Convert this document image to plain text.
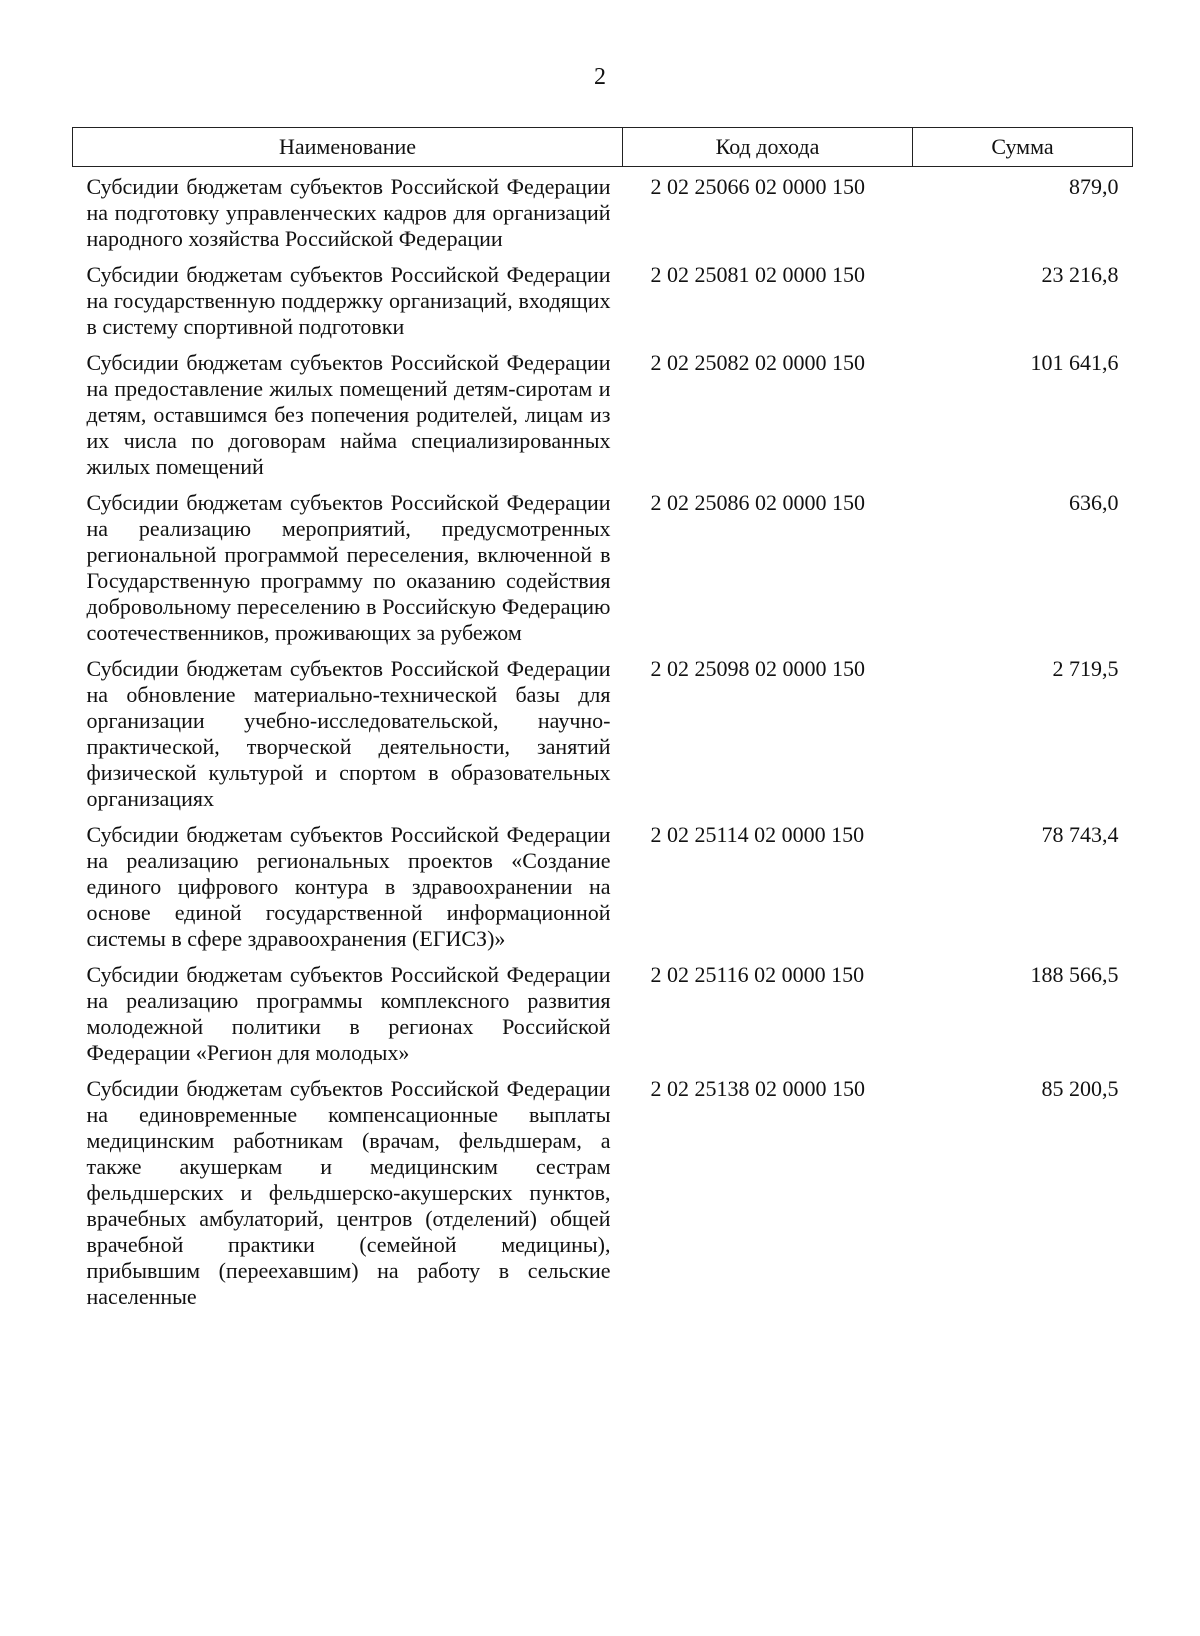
2
Наименование	Код дохода	Сумма
Субсидии бюджетам субъектов Российской Федерации на подготовку управленческих кадров для организаций народного хозяйства Российской Федерации	2 02 25066 02 0000 150	879,0
Субсидии бюджетам субъектов Российской Федерации на государственную поддержку организаций, входящих в систему спортивной подготовки	2 02 25081 02 0000 150	23 216,8
Субсидии бюджетам субъектов Российской Федерации на предоставление жилых помещений детям-сиротам и детям, оставшимся без попечения родителей, лицам из их числа по договорам найма специализированных жилых помещений	2 02 25082 02 0000 150	101 641,6
Субсидии бюджетам субъектов Российской Федерации на реализацию мероприятий, предусмотренных региональной программой переселения, включенной в Государственную программу по оказанию содействия добровольному переселению в Российскую Федерацию соотечественников, проживающих за рубежом	2 02 25086 02 0000 150	636,0
Субсидии бюджетам субъектов Российской Федерации на обновление материально-технической базы для организации учебно-исследовательской, научно-практической, творческой деятельности, занятий физической культурой и спортом в образовательных организациях	2 02 25098 02 0000 150	2 719,5
Субсидии бюджетам субъектов Российской Федерации на реализацию региональных проектов «Создание единого цифрового контура в здравоохранении на основе единой государственной информационной системы в сфере здравоохранения (ЕГИСЗ)»	2 02 25114 02 0000 150	78 743,4
Субсидии бюджетам субъектов Российской Федерации на реализацию программы комплексного развития молодежной политики в регионах Российской Федерации «Регион для молодых»	2 02 25116 02 0000 150	188 566,5
Субсидии бюджетам субъектов Российской Федерации на единовременные компенсационные выплаты медицинским работникам (врачам, фельдшерам, а также акушеркам и медицинским сестрам фельдшерских и фельдшерско-акушерских пунктов, врачебных амбулаторий, центров (отделений) общей врачебной практики (семейной медицины), прибывшим (переехавшим) на работу в сельские населенные	2 02 25138 02 0000 150	85 200,5
